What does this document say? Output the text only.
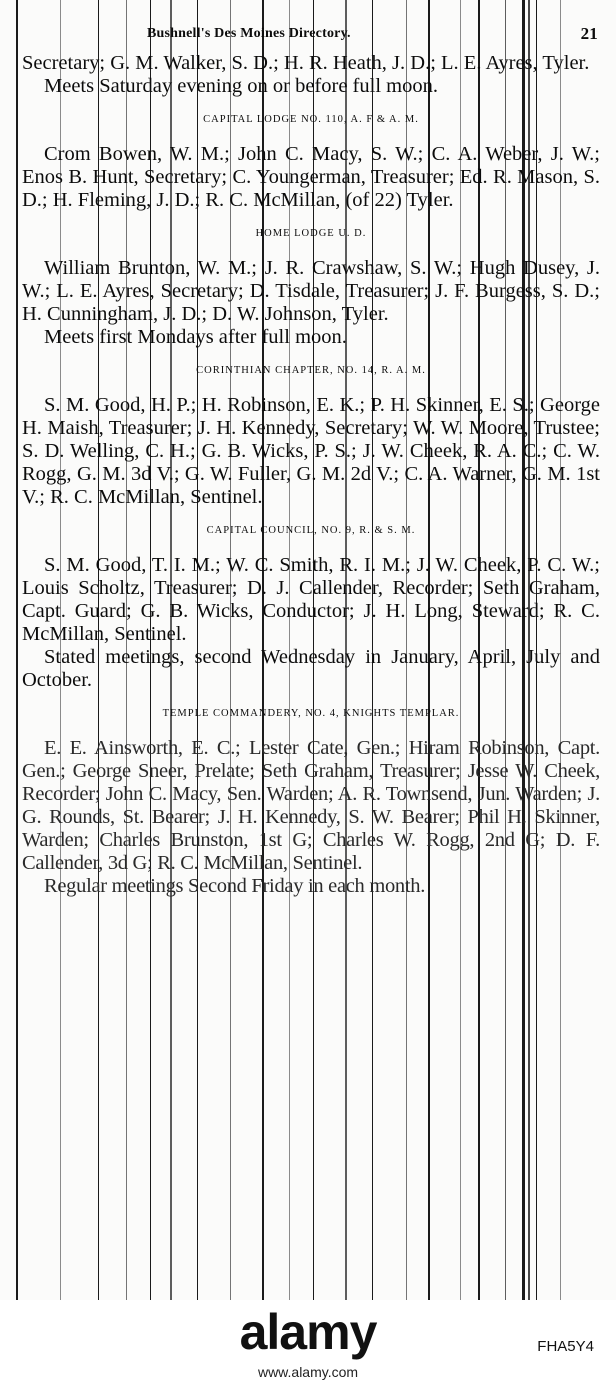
Bushnell's Des Moines Directory.	21

Secretary; G. M. Walker, S. D.; H. R. Heath, J. D.; L. E. Ayres, Tyler.

Meets Saturday evening on or before full moon.

CAPITAL LODGE NO. 110, A. F & A. M.

Crom Bowen, W. M.; John C. Macy, S. W.; C. A. Weber, J. W.; Enos B. Hunt, Secretary; C. Youngerman, Treasurer; Ed. R. Mason, S. D.; H. Fleming, J. D.; R. C. McMillan, (of 22) Tyler.

HOME LODGE U. D.

William Brunton, W. M.; J. R. Crawshaw, S. W.; Hugh Dusey, J. W.; L. E. Ayres, Secretary; D. Tisdale, Treasurer; J. F. Burgess, S. D.; H. Cunningham, J. D.; D. W. Johnson, Tyler.

Meets first Mondays after full moon.

CORINTHIAN CHAPTER, NO. 14, R. A. M.

S. M. Good, H. P.; H. Robinson, E. K.; P. H. Skinner, E. S.; George H. Maish, Treasurer; J. H. Kennedy, Secretary; W. W. Moore, Trustee; S. D. Welling, C. H.; G. B. Wicks, P. S.; J. W. Cheek, R. A. C.; C. W. Rogg, G. M. 3d V.; G. W. Fuller, G. M. 2d V.; C. A. Warner, G. M. 1st V.; R. C. McMillan, Sentinel.

CAPITAL COUNCIL, NO. 9, R. & S. M.

S. M. Good, T. I. M.; W. C. Smith, R. I. M.; J. W. Cheek, P. C. W.; Louis Scholtz, Treasurer; D. J. Callender, Recorder; Seth Graham, Capt. Guard; G. B. Wicks, Conductor; J. H. Long, Steward; R. C. McMillan, Sentinel.

Stated meetings, second Wednesday in January, April, July and October.

TEMPLE COMMANDERY, NO. 4, KNIGHTS TEMPLAR.

E. E. Ainsworth, E. C.; Lester Cate, Gen.; Hiram Robinson, Capt. Gen.; George Sneer, Prelate; Seth Graham, Treasurer; Jesse W. Cheek, Recorder; John C. Macy, Sen. Warden; A. R. Townsend, Jun. Warden; J. G. Rounds, St. Bearer; J. H. Kennedy, S. W. Bearer; Phil H. Skinner, Warden; Charles Brunston, 1st G; Charles W. Rogg, 2nd G; D. F. Callender, 3d G; R. C. McMillan, Sentinel.

Regular meetings Second Friday in each month.

alamy	FHA5Y4
www.alamy.com
